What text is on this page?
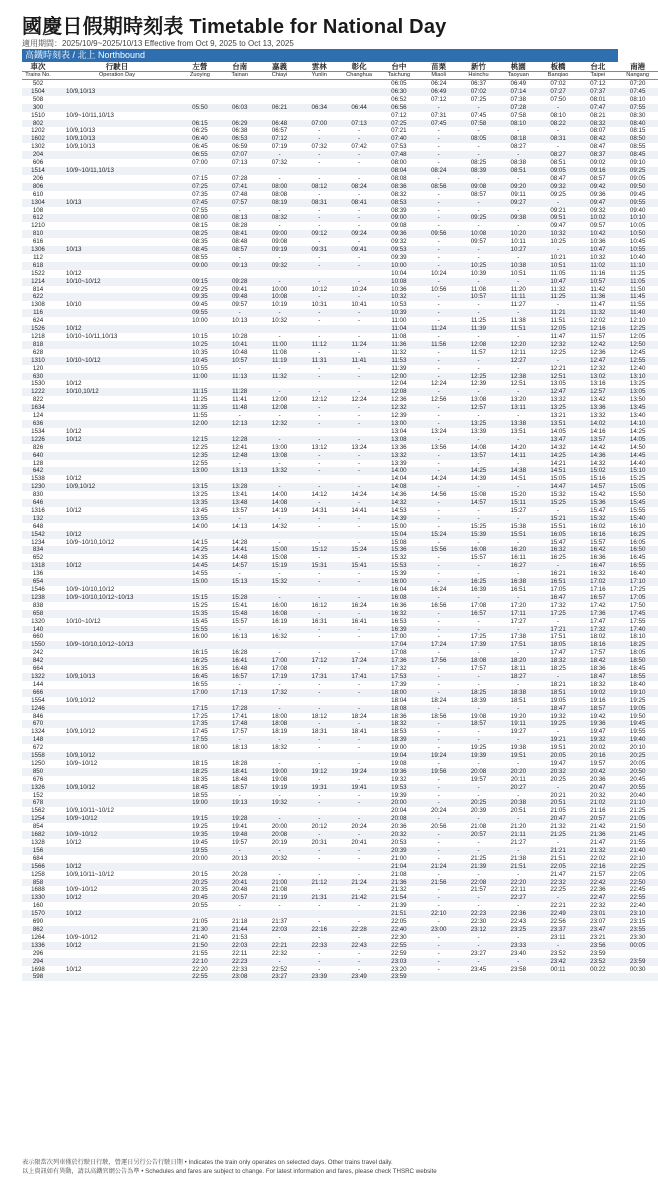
國慶日假期時刻表 Timetable for National Day
適用期間：2025/10/9~2025/10/13 Effective from Oct 9, 2025 to Oct 13, 2025
高鐵時刻表 / 北上 Northbound
車次	行駛日	左營	台南	嘉義	雲林	彰化	台中	苗栗	新竹	桃園	板橋	台北	南港
Trains No.	Operation Day	Zuoying	Tainan	Chiayi	Yunlin	Changhua	Taichung	Miaoli	Hsinchu	Taoyuan	Banqiao	Taipei	Nangang
502							06:05	06:24	06:37	06:49	07:02	07:12	07:20
1504	10/9,10/13						06:30	06:49	07:02	07:14	07:27	07:37	07:45
508							06:52	07:12	07:25	07:38	07:50	08:01	08:10
300		05:50	06:03	06:21	06:34	06:44	06:56	-	-	07:28	-	07:47	07:55
1510	10/9~10/11,10/13						07:12	07:31	07:45	07:58	08:10	08:21	08:30
802		06:15	06:29	06:48	07:00	07:13	07:25	07:45	07:58	08:10	08:22	08:32	08:40
1202	10/9,10/13	06:25	06:38	06:57	-	-	07:21	-	-	-	-	08:07	08:15
1602	10/9,10/13	06:40	06:53	07:12	-	-	07:40	-	08:05	08:18	08:31	08:42	08:50
1302	10/9,10/13	06:45	06:59	07:19	07:32	07:42	07:53	-	-	08:27	-	08:47	08:55
204		06:55	07:07	-	-	-	07:48	-	-	-	08:27	08:37	08:45
606		07:00	07:13	07:32	-	-	08:00	-	08:25	08:38	08:51	09:02	09:10
1514	10/9~10/11,10/13						08:04	08:24	08:39	08:51	09:05	09:16	09:25
206		07:15	07:28	-	-	-	08:08	-	-	-	08:47	08:57	09:05
806		07:25	07:41	08:00	08:12	08:24	08:36	08:56	09:08	09:20	09:32	09:42	09:50
610		07:35	07:48	08:08	-	-	08:32	-	08:57	09:11	09:25	09:36	09:45
1304	10/13	07:45	07:57	08:19	08:31	08:41	08:53	-	-	09:27	-	09:47	09:55
108		07:55	-	-	-	-	08:39	-	-	-	09:21	09:32	09:40
612		08:00	08:13	08:32	-	-	09:00	-	09:25	09:38	09:51	10:02	10:10
1210		08:15	08:28	-	-	-	09:08	-	-	-	09:47	09:57	10:05
810		08:25	08:41	09:00	09:12	09:24	09:36	09:56	10:08	10:20	10:32	10:42	10:50
616		08:35	08:48	09:08	-	-	09:32	-	09:57	10:11	10:25	10:36	10:45
1306	10/13	08:45	08:57	09:19	09:31	09:41	09:53	-	-	10:27	-	10:47	10:55
112		08:55	-	-	-	-	09:39	-	-	-	10:21	10:32	10:40
618		09:00	09:13	09:32	-	-	10:00	-	10:25	10:38	10:51	11:02	11:10
1522	10/12						10:04	10:24	10:39	10:51	11:05	11:16	11:25
1214	10/10~10/12	09:15	09:28	-	-	-	10:08	-	-	-	10:47	10:57	11:05
814		09:25	09:41	10:00	10:12	10:24	10:36	10:56	11:08	11:20	11:32	11:42	11:50
622		09:35	09:48	10:08	-	-	10:32	-	10:57	11:11	11:25	11:36	11:45
1308	10/10	09:45	09:57	10:19	10:31	10:41	10:53	-	-	11:27	-	11:47	11:55
116		09:55	-	-	-	-	10:39	-	-	-	11:21	11:32	11:40
624		10:00	10:13	10:32	-	-	11:00	-	11:25	11:38	11:51	12:02	12:10
1526	10/12						11:04	11:24	11:39	11:51	12:05	12:16	12:25
1218	10/10~10/11,10/13	10:15	10:28	-	-	-	11:08	-	-	-	11:47	11:57	12:05
818		10:25	10:41	11:00	11:12	11:24	11:36	11:56	12:08	12:20	12:32	12:42	12:50
628		10:35	10:48	11:08	-	-	11:32	-	11:57	12:11	12:25	12:36	12:45
1310	10/10~10/12	10:45	10:57	11:19	11:31	11:41	11:53	-	-	12:27	-	12:47	12:55
120		10:55	-	-	-	-	11:39	-	-	-	12:21	12:32	12:40
630		11:00	11:13	11:32	-	-	12:00	-	12:25	12:38	12:51	13:02	13:10
1530	10/12						12:04	12:24	12:39	12:51	13:05	13:16	13:25
1222	10/10,10/12	11:15	11:28	-	-	-	12:08	-	-	-	12:47	12:57	13:05
822		11:25	11:41	12:00	12:12	12:24	12:36	12:56	13:08	13:20	13:32	13:42	13:50
1634		11:35	11:48	12:08	-	-	12:32	-	12:57	13:11	13:25	13:36	13:45
124		11:55	-	-	-	-	12:39	-	-	-	13:21	13:32	13:40
636		12:00	12:13	12:32	-	-	13:00	-	13:25	13:38	13:51	14:02	14:10
1534	10/12						13:04	13:24	13:39	13:51	14:05	14:16	14:25
1226	10/12	12:15	12:28	-	-	-	13:08	-	-	-	13:47	13:57	14:05
826		12:25	12:41	13:00	13:12	13:24	13:36	13:56	14:08	14:20	14:32	14:42	14:50
640		12:35	12:48	13:08	-	-	13:32	-	13:57	14:11	14:25	14:36	14:45
128		12:55	-	-	-	-	13:39	-	-	-	14:21	14:32	14:40
642		13:00	13:13	13:32	-	-	14:00	-	14:25	14:38	14:51	15:02	15:10
1538	10/12						14:04	14:24	14:39	14:51	15:05	15:16	15:25
1230	10/9,10/12	13:15	13:28	-	-	-	14:08	-	-	-	14:47	14:57	15:05
830		13:25	13:41	14:00	14:12	14:24	14:36	14:56	15:08	15:20	15:32	15:42	15:50
646		13:35	13:48	14:08	-	-	14:32	-	14:57	15:11	15:25	15:36	15:45
1316	10/12	13:45	13:57	14:19	14:31	14:41	14:53	-	-	15:27	-	15:47	15:55
132		13:55	-	-	-	-	14:39	-	-	-	15:21	15:32	15:40
648		14:00	14:13	14:32	-	-	15:00	-	15:25	15:38	15:51	16:02	16:10
1542	10/12						15:04	15:24	15:39	15:51	16:05	16:16	16:25
1234	10/9~10/10,10/12	14:15	14:28	-	-	-	15:08	-	-	-	15:47	15:57	16:05
834		14:25	14:41	15:00	15:12	15:24	15:36	15:56	16:08	16:20	16:32	16:42	16:50
652		14:35	14:48	15:08	-	-	15:32	-	15:57	16:11	16:25	16:36	16:45
1318	10/12	14:45	14:57	15:19	15:31	15:41	15:53	-	-	16:27	-	16:47	16:55
136		14:55	-	-	-	-	15:39	-	-	-	16:21	16:32	16:40
654		15:00	15:13	15:32	-	-	16:00	-	16:25	16:38	16:51	17:02	17:10
1546	10/9~10/10,10/12						16:04	16:24	16:39	16:51	17:05	17:16	17:25
1238	10/9~10/10,10/12~10/13	15:15	15:28	-	-	-	16:08	-	-	-	16:47	16:57	17:05
838		15:25	15:41	16:00	16:12	16:24	16:36	16:56	17:08	17:20	17:32	17:42	17:50
658		15:35	15:48	16:08	-	-	16:32	-	16:57	17:11	17:25	17:36	17:45
1320	10/10~10/12	15:45	15:57	16:19	16:31	16:41	16:53	-	-	17:27	-	17:47	17:55
140		15:55	-	-	-	-	16:39	-	-	-	17:21	17:32	17:40
660		16:00	16:13	16:32	-	-	17:00	-	17:25	17:38	17:51	18:02	18:10
1550	10/9~10/10,10/12~10/13						17:04	17:24	17:39	17:51	18:05	18:16	18:25
242		16:15	16:28	-	-	-	17:08	-	-	-	17:47	17:57	18:05
842		16:25	16:41	17:00	17:12	17:24	17:36	17:56	18:08	18:20	18:32	18:42	18:50
664		16:35	16:48	17:08	-	-	17:32	-	17:57	18:11	18:25	18:36	18:45
1322	10/9,10/13	16:45	16:57	17:19	17:31	17:41	17:53	-	-	18:27	-	18:47	18:55
144		16:55	-	-	-	-	17:39	-	-	-	18:21	18:32	18:40
666		17:00	17:13	17:32	-	-	18:00	-	18:25	18:38	18:51	19:02	19:10
1554	10/9,10/12						18:04	18:24	18:39	18:51	19:05	19:16	19:25
1246		17:15	17:28	-	-	-	18:08	-	-	-	18:47	18:57	19:05
846		17:25	17:41	18:00	18:12	18:24	18:36	18:56	19:08	19:20	19:32	19:42	19:50
670		17:35	17:48	18:08	-	-	18:32	-	18:57	19:11	19:25	19:36	19:45
1324	10/9,10/12	17:45	17:57	18:19	18:31	18:41	18:53	-	-	19:27	-	19:47	19:55
148		17:55	-	-	-	-	18:39	-	-	-	19:21	19:32	19:40
672		18:00	18:13	18:32	-	-	19:00	-	19:25	19:38	19:51	20:02	20:10
1558	10/9,10/12						19:04	19:24	19:39	19:51	20:05	20:16	20:25
1250	10/9~10/12	18:15	18:28	-	-	-	19:08	-	-	-	19:47	19:57	20:05
850		18:25	18:41	19:00	19:12	19:24	19:36	19:56	20:08	20:20	20:32	20:42	20:50
676		18:35	18:48	19:08	-	-	19:32	-	19:57	20:11	20:25	20:36	20:45
1326	10/9,10/12	18:45	18:57	19:19	19:31	19:41	19:53	-	-	20:27	-	20:47	20:55
152		18:55	-	-	-	-	19:39	-	-	-	20:21	20:32	20:40
678		19:00	19:13	19:32	-	-	20:00	-	20:25	20:38	20:51	21:02	21:10
1562	10/9,10/11~10/12						20:04	20:24	20:39	20:51	21:05	21:16	21:25
1254	10/9~10/12	19:15	19:28	-	-	-	20:08	-	-	-	20:47	20:57	21:05
854		19:25	19:41	20:00	20:12	20:24	20:36	20:56	21:08	21:20	21:32	21:42	21:50
1682	10/9~10/12	19:35	19:48	20:08	-	-	20:32	-	20:57	21:11	21:25	21:36	21:45
1328	10/12	19:45	19:57	20:19	20:31	20:41	20:53	-	-	21:27	-	21:47	21:55
156		19:55	-	-	-	-	20:39	-	-	-	21:21	21:32	21:40
684		20:00	20:13	20:32	-	-	21:00	-	21:25	21:38	21:51	22:02	22:10
1566	10/12						21:04	21:24	21:39	21:51	22:05	22:16	22:25
1258	10/9,10/11~10/12	20:15	20:28	-	-	-	21:08	-	-	-	21:47	21:57	22:05
858		20:25	20:41	21:00	21:12	21:24	21:36	21:56	22:08	22:20	22:32	22:42	22:50
1688	10/9~10/12	20:35	20:48	21:08	-	-	21:32	-	21:57	22:11	22:25	22:36	22:45
1330	10/12	20:45	20:57	21:19	21:31	21:42	21:54	-	-	22:27	-	22:47	22:55
160		20:55	-	-	-	-	21:39	-	-	-	22:21	22:32	22:40
1570	10/12						21:51	22:10	22:23	22:36	22:49	23:01	23:10
690		21:05	21:18	21:37	-	-	22:05	-	22:30	22:43	22:56	23:07	23:15
862		21:30	21:44	22:03	22:16	22:28	22:40	23:00	23:12	23:25	23:37	23:47	23:55
1264	10/9~10/12	21:40	21:53	-	-	-	22:30	-	-	-	23:11	23:21	23:30
1336	10/12	21:50	22:03	22:21	22:33	22:43	22:55	-	-	23:33	-	23:56	00:05
296		21:55	22:11	22:32	-	-	22:59	-	23:27	23:40	23:52	23:59	
294		22:10	22:23	-	-	-	23:03	-	-	-	23:42	23:52	23:59
1698	10/12	22:20	22:33	22:52	-	-	23:20	-	23:45	23:58	00:11	00:22	00:30
598		22:55	23:08	23:27	23:39	23:49	23:59						
表示限當次列車僅於行駛日行駛，營運日另行公告行駛日期 • Indicates the train only operates on selected days. Other trains travel daily.
以上資訊如有異動，請以高鐵官網公告為準 • Schedules and fares are subject to change. For latest information and fares, please check THSRC website
